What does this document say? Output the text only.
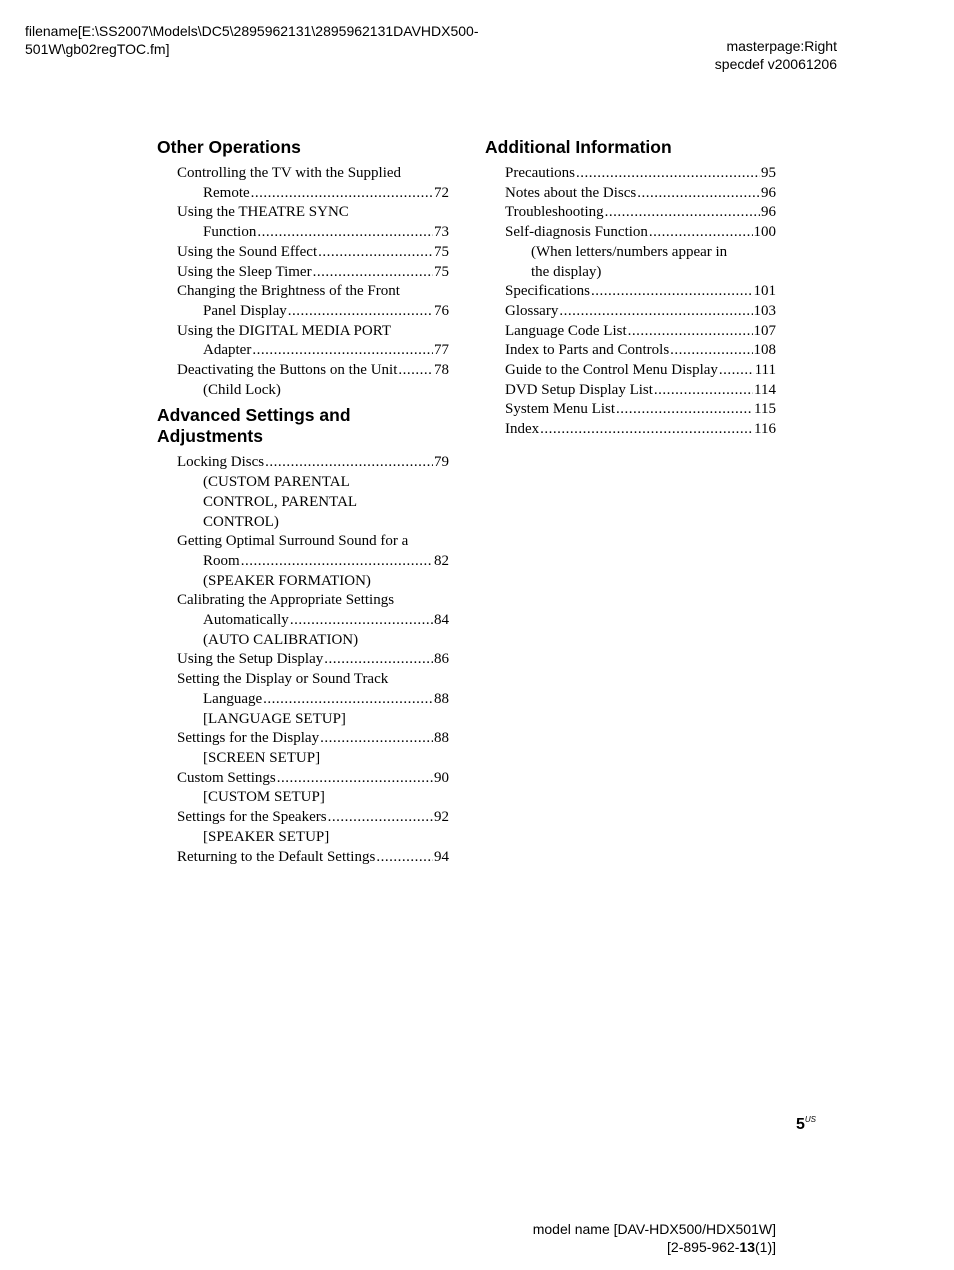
filename[E:\SS2007\Models\DC5\2895962131\2895962131DAVHDX500-
501W\gb02regTOC.fm]	masterpage:Right
specdef v20061206
Other Operations
Controlling the TV with the Supplied
Remote .....	72
Using the THEATRE SYNC
Function .....	73
Using the Sound Effect .....	75
Using the Sleep Timer .....	75
Changing the Brightness of the Front
Panel Display .....	76
Using the DIGITAL MEDIA PORT
Adapter .....	77
Deactivating the Buttons on the Unit ..... 78
(Child Lock)
Advanced Settings and Adjustments
Locking Discs .....	79
(CUSTOM PARENTAL
CONTROL, PARENTAL
CONTROL)
Getting Optimal Surround Sound for a
Room .....	82
(SPEAKER FORMATION)
Calibrating the Appropriate Settings
Automatically .....	84
(AUTO CALIBRATION)
Using the Setup Display .....	86
Setting the Display or Sound Track
Language .....	88
[LANGUAGE SETUP]
Settings for the Display .....	88
[SCREEN SETUP]
Custom Settings .....	90
[CUSTOM SETUP]
Settings for the Speakers .....	92
[SPEAKER SETUP]
Returning to the Default Settings .....	94
Additional Information
Precautions .....	95
Notes about the Discs .....	96
Troubleshooting .....	96
Self-diagnosis Function .....	100
(When letters/numbers appear in
the display)
Specifications .....	101
Glossary .....	103
Language Code List .....	107
Index to Parts and Controls .....	108
Guide to the Control Menu Display ..... 111
DVD Setup Display List .....	114
System Menu List .....	115
Index .....	116
$5^{US}$
model name [DAV-HDX500/HDX501W]
[2-895-962-13(1)]
